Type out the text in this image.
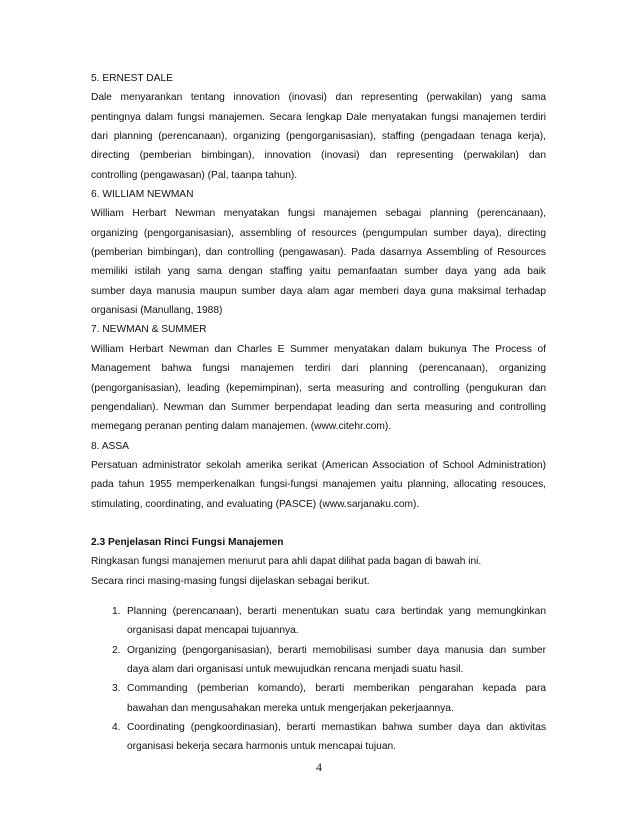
5. ERNEST DALE
Dale menyarankan tentang innovation (inovasi) dan representing (perwakilan) yang sama
pentingnya dalam fungsi manajemen. Secara lengkap Dale menyatakan fungsi manajemen terdiri
dari planning (perencanaan), organizing (pengorganisasian), staffing (pengadaan tenaga kerja),
directing (pemberian bimbingan), innovation (inovasi) dan representing (perwakilan) dan
controlling (pengawasan) (Pal, taanpa tahun).
6. WILLIAM NEWMAN
William Herbart Newman menyatakan fungsi manajemen sebagai planning (perencanaan),
organizing (pengorganisasian), assembling of resources (pengumpulan sumber daya), directing
(pemberian bimbingan), dan controlling (pengawasan). Pada dasarnya Assembling of Resources
memiliki istilah yang sama dengan staffing yaitu pemanfaatan sumber daya yang ada baik
sumber daya manusia maupun sumber daya alam agar memberi daya guna maksimal terhadap
organisasi (Manullang, 1988)
7. NEWMAN & SUMMER
William Herbart Newman dan Charles E Summer menyatakan dalam bukunya The Process of
Management bahwa fungsi manajemen terdiri dari planning (perencanaan), organizing
(pengorganisasian), leading (kepemimpinan), serta measuring and controlling (pengukuran dan
pengendalian). Newman dan Summer berpendapat leading dan serta measuring and controlling
memegang peranan penting dalam manajemen. (www.citehr.com).
8. ASSA
Persatuan administrator sekolah amerika serikat (American Association of School Administration)
pada tahun 1955 memperkenalkan fungsi-fungsi manajemen yaitu planning, allocating resouces,
stimulating, coordinating, and evaluating (PASCE) (www.sarjanaku.com).
2.3 Penjelasan Rinci Fungsi Manajemen
Ringkasan fungsi manajemen menurut para ahli dapat dilihat pada bagan di bawah ini.
Secara rinci masing-masing fungsi dijelaskan sebagai berikut.
1. Planning (perencanaan), berarti menentukan suatu cara bertindak yang memungkinkan
organisasi dapat mencapai tujuannya.
2. Organizing (pengorganisasian), berarti memobilisasi sumber daya manusia dan sumber
daya alam dari organisasi untuk mewujudkan rencana menjadi suatu hasil.
3. Commanding (pemberian komando), berarti memberikan pengarahan kepada para
bawahan dan mengusahakan mereka untuk mengerjakan pekerjaannya.
4. Coordinating (pengkoordinasian), berarti memastikan bahwa sumber daya dan aktivitas
organisasi bekerja secara harmonis untuk mencapai tujuan.
4
